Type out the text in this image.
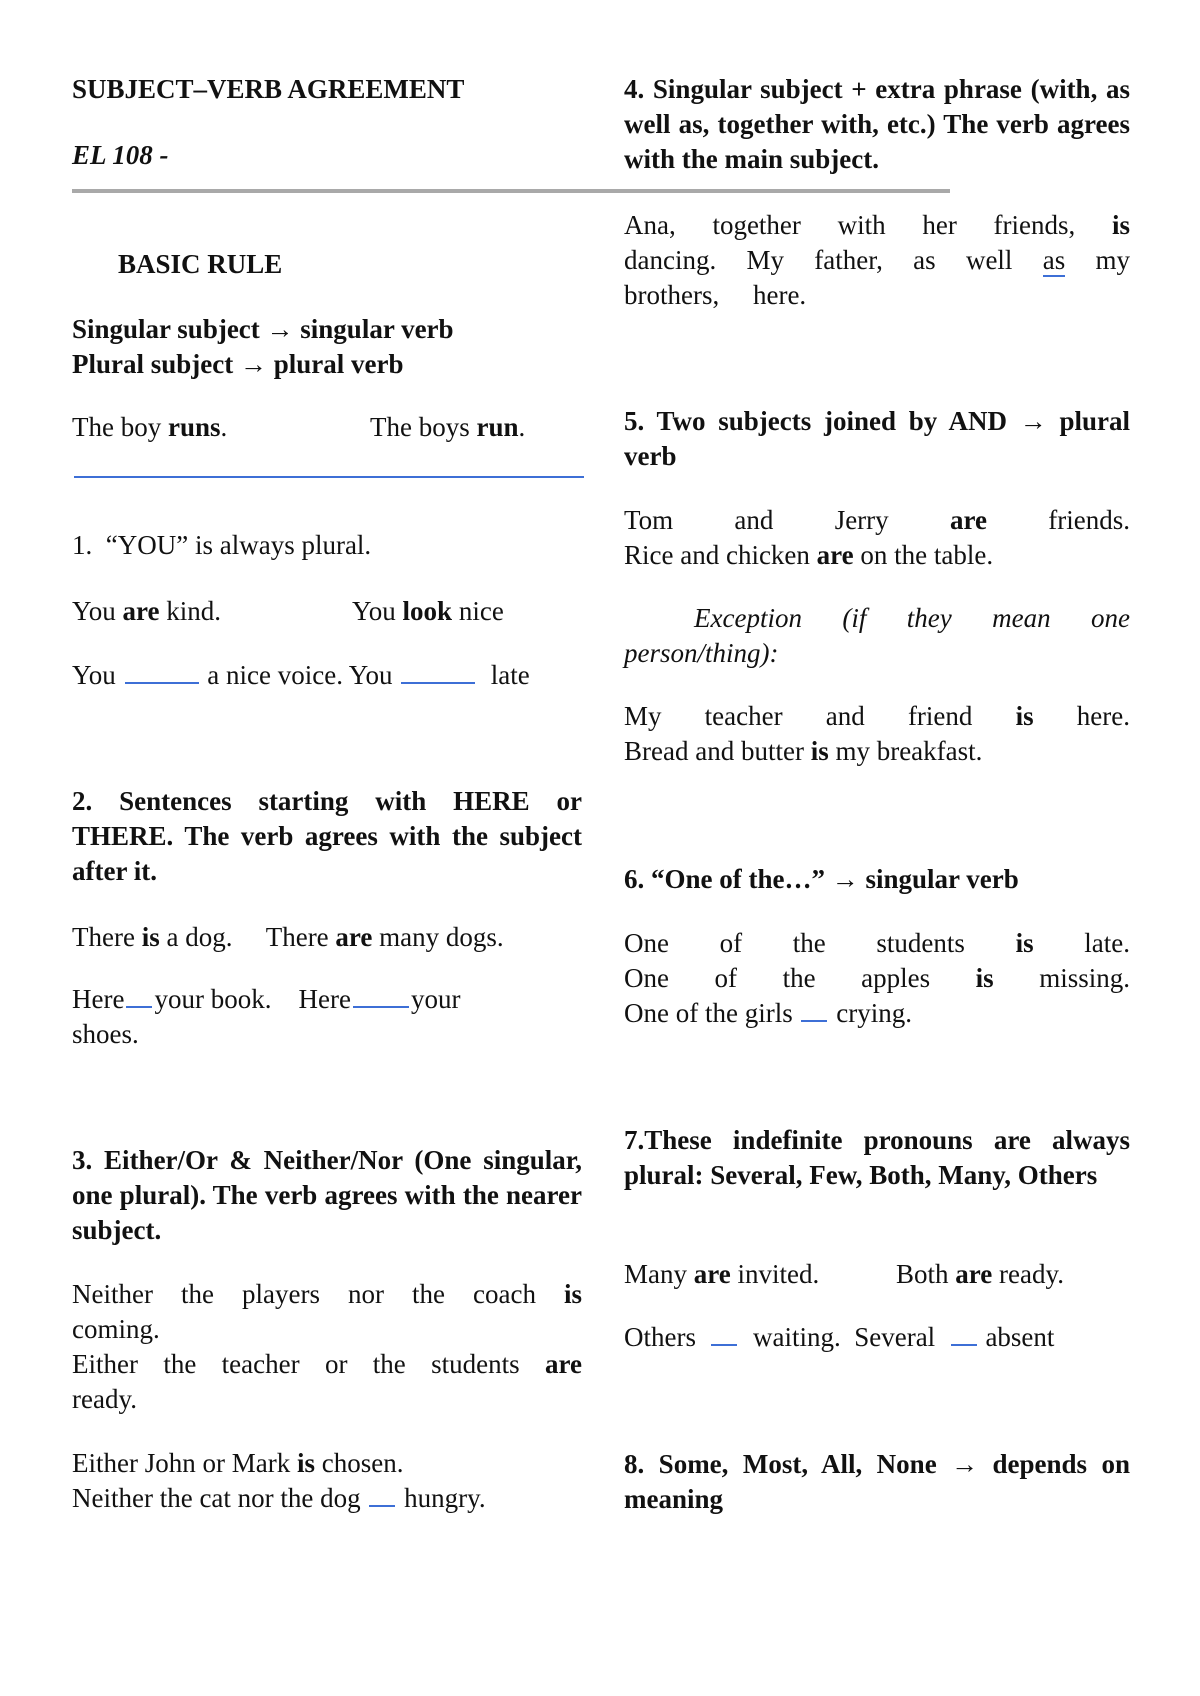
SUBJECT–VERB AGREEMENT
EL 108 -
BASIC RULE
Singular subject → singular verb
Plural subject → plural verb
The boy runs.	The boys run.
1. “YOU” is always plural.
You are kind.	You look nice
You	a nice voice. You	late
2. Sentences starting with HERE or THERE. The verb agrees with the subject after it.
There is a dog. There are many dogs.
Here your book. Here your
shoes.
3. Either/Or & Neither/Nor (One singular, one plural). The verb agrees with the nearer subject.
Neither the players nor the coach is
coming.
Either the teacher or the students are
ready.
Either John or Mark is chosen.
Neither the cat nor the dog hungry.
4. Singular subject + extra phrase (with, as well as, together with, etc.) The verb agrees with the main subject.
Ana, together with her friends, is
dancing. My father, as well as my
brothers,     here.
5. Two subjects joined by AND → plural verb
Tom and Jerry are friends.
Rice and chicken are on the table.
Exception (if they mean one person/thing):
My teacher and friend is here.
Bread and butter is my breakfast.
6. “One of the…” → singular verb
One of the students is late.
One of the apples is missing.
One of the girls crying.
7.These indefinite pronouns are always plural: Several, Few, Both, Many, Others
Many are invited.	Both are ready.
Others waiting.  Several absent
8. Some, Most, All, None → depends on meaning
